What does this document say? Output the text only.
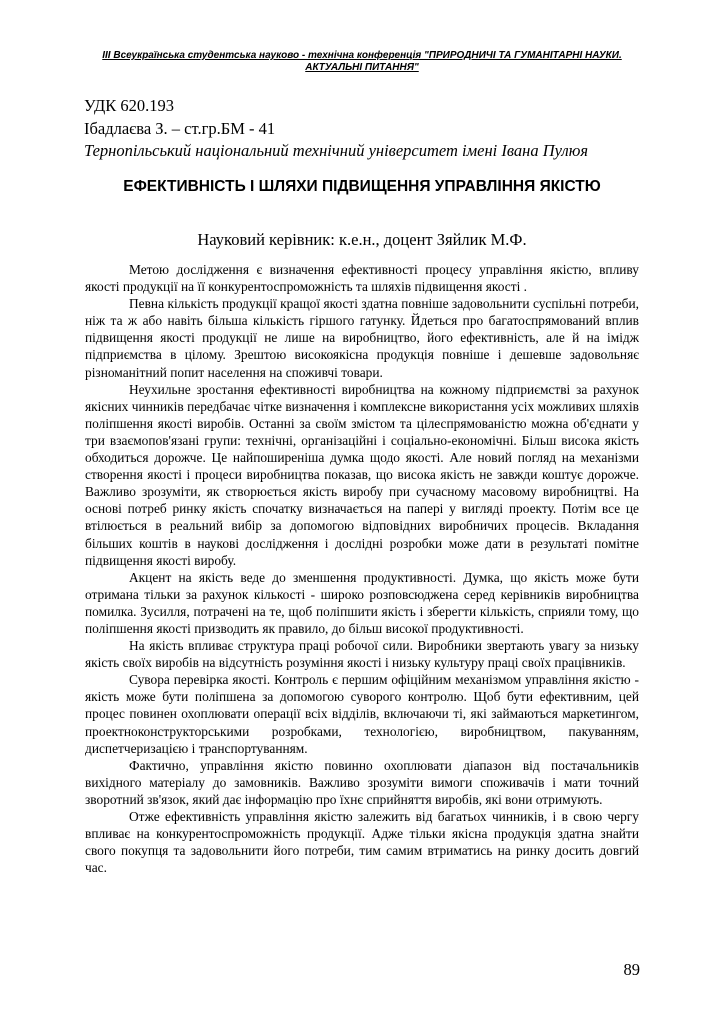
ІІІ Всеукраїнська студентська науково - технічна конференція "ПРИРОДНИЧІ ТА ГУМАНІТАРНІ НАУКИ. АКТУАЛЬНІ ПИТАННЯ"
УДК 620.193
Ібадлаєва З. – ст.гр.БМ - 41
Тернопільський національний технічний університет імені Івана Пулюя
ЕФЕКТИВНІСТЬ І ШЛЯХИ ПІДВИЩЕННЯ УПРАВЛІННЯ ЯКІСТЮ
Науковий керівник: к.е.н., доцент Зяйлик М.Ф.

Метою дослідження є визначення ефективності процесу управління якістю, впливу якості продукції на її конкурентоспроможність та шляхів підвищення якості .

Певна кількість продукції кращої якості здатна повніше задовольнити суспільні потреби, ніж та ж або навіть більша кількість гіршого гатунку. Йдеться про багатоспрямований вплив підвищення якості продукції не лише на виробництво, його ефективність, але й на імідж підприємства в цілому. Зрештою високоякісна продукція повніше і дешевше задовольняє різноманітний попит населення на споживчі товари.

Неухильне зростання ефективності виробництва на кожному підприємстві за рахунок якісних чинників передбачає чітке визначення і комплексне використання усіх можливих шляхів поліпшення якості виробів. Останні за своїм змістом та цілеспрямованістю можна об'єднати у три взаємопов'язані групи: технічні, організаційні і соціально-економічні. Більш висока якість обходиться дорожче. Це найпоширеніша думка щодо якості. Але новий погляд на механізми створення якості і процеси виробництва показав, що висока якість не завжди коштує дорожче. Важливо зрозуміти, як створюється якість виробу при сучасному масовому виробництві. На основі потреб ринку якість спочатку визначається на папері у вигляді проекту. Потім все це втілюється в реальний вибір за допомогою відповідних виробничих процесів. Вкладання більших коштів в наукові дослідження і дослідні розробки може дати в результаті помітне підвищення якості виробу.

Акцент на якість веде до зменшення продуктивності. Думка, що якість може бути отримана тільки за рахунок кількості - широко розповсюджена серед керівників виробництва помилка. Зусилля, потрачені на те, щоб поліпшити якість і зберегти кількість, сприяли тому, що поліпшення якості призводить як правило, до більш високої продуктивності.

На якість впливає структура праці робочої сили. Виробники звертають увагу за низьку якість своїх виробів на відсутність розуміння якості і низьку культуру праці своїх працівників.

Сувора перевірка якості. Контроль є першим офіційним механізмом управління якістю - якість може бути поліпшена за допомогою суворого контролю. Щоб бути ефективним, цей процес повинен охоплювати операції всіх відділів, включаючи ті, які займаються маркетингом, проектноконструкторськими розробками, технологією, виробництвом, пакуванням, диспетчеризацією і транспортуванням.

Фактично, управління якістю повинно охоплювати діапазон від постачальників вихідного матеріалу до замовників. Важливо зрозуміти вимоги споживачів і мати точний зворотний зв'язок, який дає інформацію про їхнє сприйняття виробів, які вони отримують.

Отже ефективність управління якістю залежить від багатьох чинників, і в свою чергу впливає на конкурентоспроможність продукції. Адже тільки якісна продукція здатна знайти свого покупця та задовольнити його потреби, тим самим втриматись на ринку досить довгий час.

89
